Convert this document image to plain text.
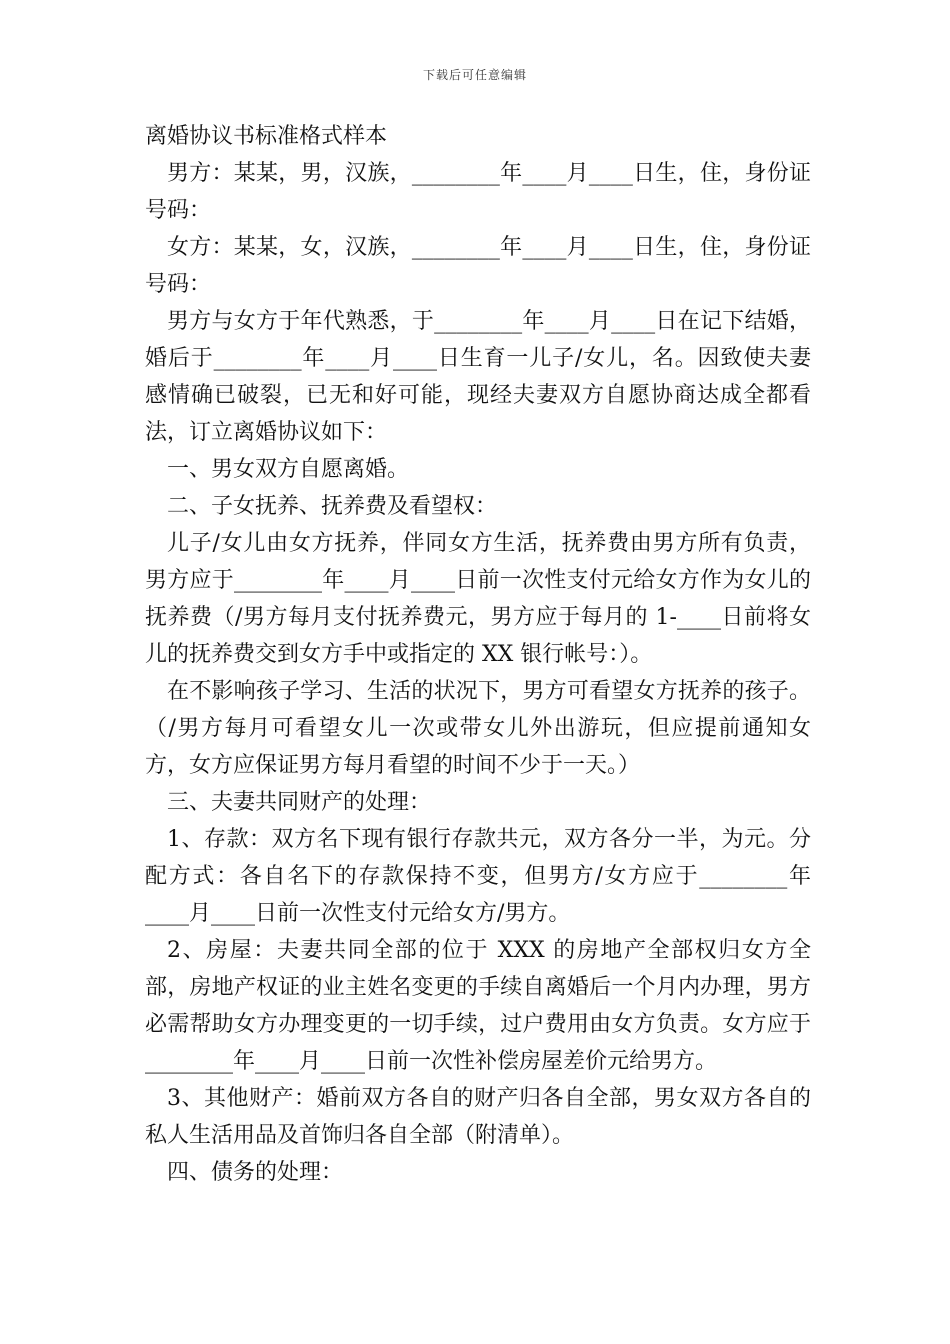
下载后可任意编辑
离婚协议书标准格式样本

男方：某某，男，汉族，________年____月____日生，住，身份证号码：

女方：某某，女，汉族，________年____月____日生，住，身份证号码：

男方与女方于年代熟悉，于________年____月____日在记下结婚，婚后于________年____月____日生育一儿子/女儿，名。因致使夫妻感情确已破裂，已无和好可能，现经夫妻双方自愿协商达成全都看法，订立离婚协议如下：

一、男女双方自愿离婚。

二、子女抚养、抚养费及看望权：

儿子/女儿由女方抚养，伴同女方生活，抚养费由男方所有负责，男方应于________年____月____日前一次性支付元给女方作为女儿的抚养费（/男方每月支付抚养费元，男方应于每月的 1-____日前将女儿的抚养费交到女方手中或指定的 XX 银行帐号：）。

在不影响孩子学习、生活的状况下，男方可看望女方抚养的孩子。（/男方每月可看望女儿一次或带女儿外出游玩，但应提前通知女方，女方应保证男方每月看望的时间不少于一天。）

三、夫妻共同财产的处理：

1、存款：双方名下现有银行存款共元，双方各分一半，为元。分配方式：各自名下的存款保持不变，但男方/女方应于________年____月____日前一次性支付元给女方/男方。

2、房屋：夫妻共同全部的位于 XXX 的房地产全部权归女方全部，房地产权证的业主姓名变更的手续自离婚后一个月内办理，男方必需帮助女方办理变更的一切手续，过户费用由女方负责。女方应于________年____月____日前一次性补偿房屋差价元给男方。

3、其他财产：婚前双方各自的财产归各自全部，男女双方各自的私人生活用品及首饰归各自全部（附清单）。

四、债务的处理：
